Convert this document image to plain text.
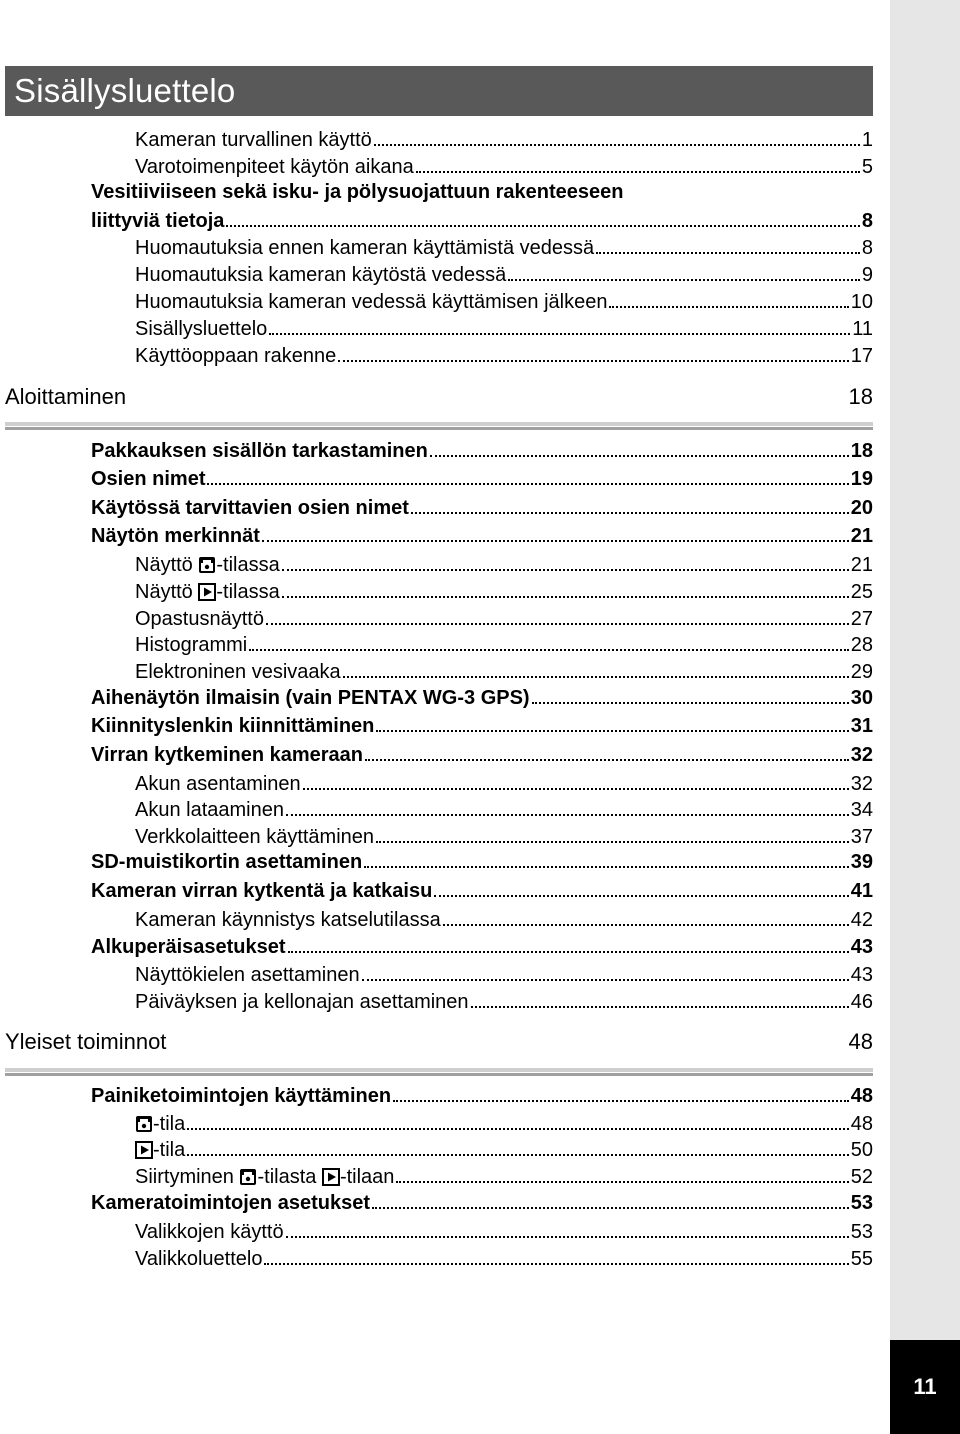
11
Sisällysluettelo
Kameran turvallinen käyttö	1
Varotoimenpiteet käytön aikana	5
Vesitiiviiseen sekä isku- ja pölysuojattuun rakenteeseen
liittyviä tietoja	8
Huomautuksia ennen kameran käyttämistä vedessä	8
Huomautuksia kameran käytöstä vedessä	9
Huomautuksia kameran vedessä käyttämisen jälkeen	10
Sisällysluettelo	11
Käyttöoppaan rakenne	17
Aloittaminen	18
Pakkauksen sisällön tarkastaminen	18
Osien nimet	19
Käytössä tarvittavien osien nimet	20
Näytön merkinnät	21
Näyttö
-tilassa	21
Näyttö
-tilassa	25
Opastusnäyttö	27
Histogrammi	28
Elektroninen vesivaaka	29
Aihenäytön ilmaisin (vain PENTAX WG-3 GPS)	30
Kiinnityslenkin kiinnittäminen	31
Virran kytkeminen kameraan	32
Akun asentaminen	32
Akun lataaminen	34
Verkkolaitteen käyttäminen	37
SD-muistikortin asettaminen	39
Kameran virran kytkentä ja katkaisu	41
Kameran käynnistys katselutilassa	42
Alkuperäisasetukset	43
Näyttökielen asettaminen	43
Päiväyksen ja kellonajan asettaminen	46
Yleiset toiminnot	48
Painiketoimintojen käyttäminen	48
-tila	48
-tila	50
Siirtyminen
-tilasta
-tilaan	52
Kameratoimintojen asetukset	53
Valikkojen käyttö	53
Valikkoluettelo	55
